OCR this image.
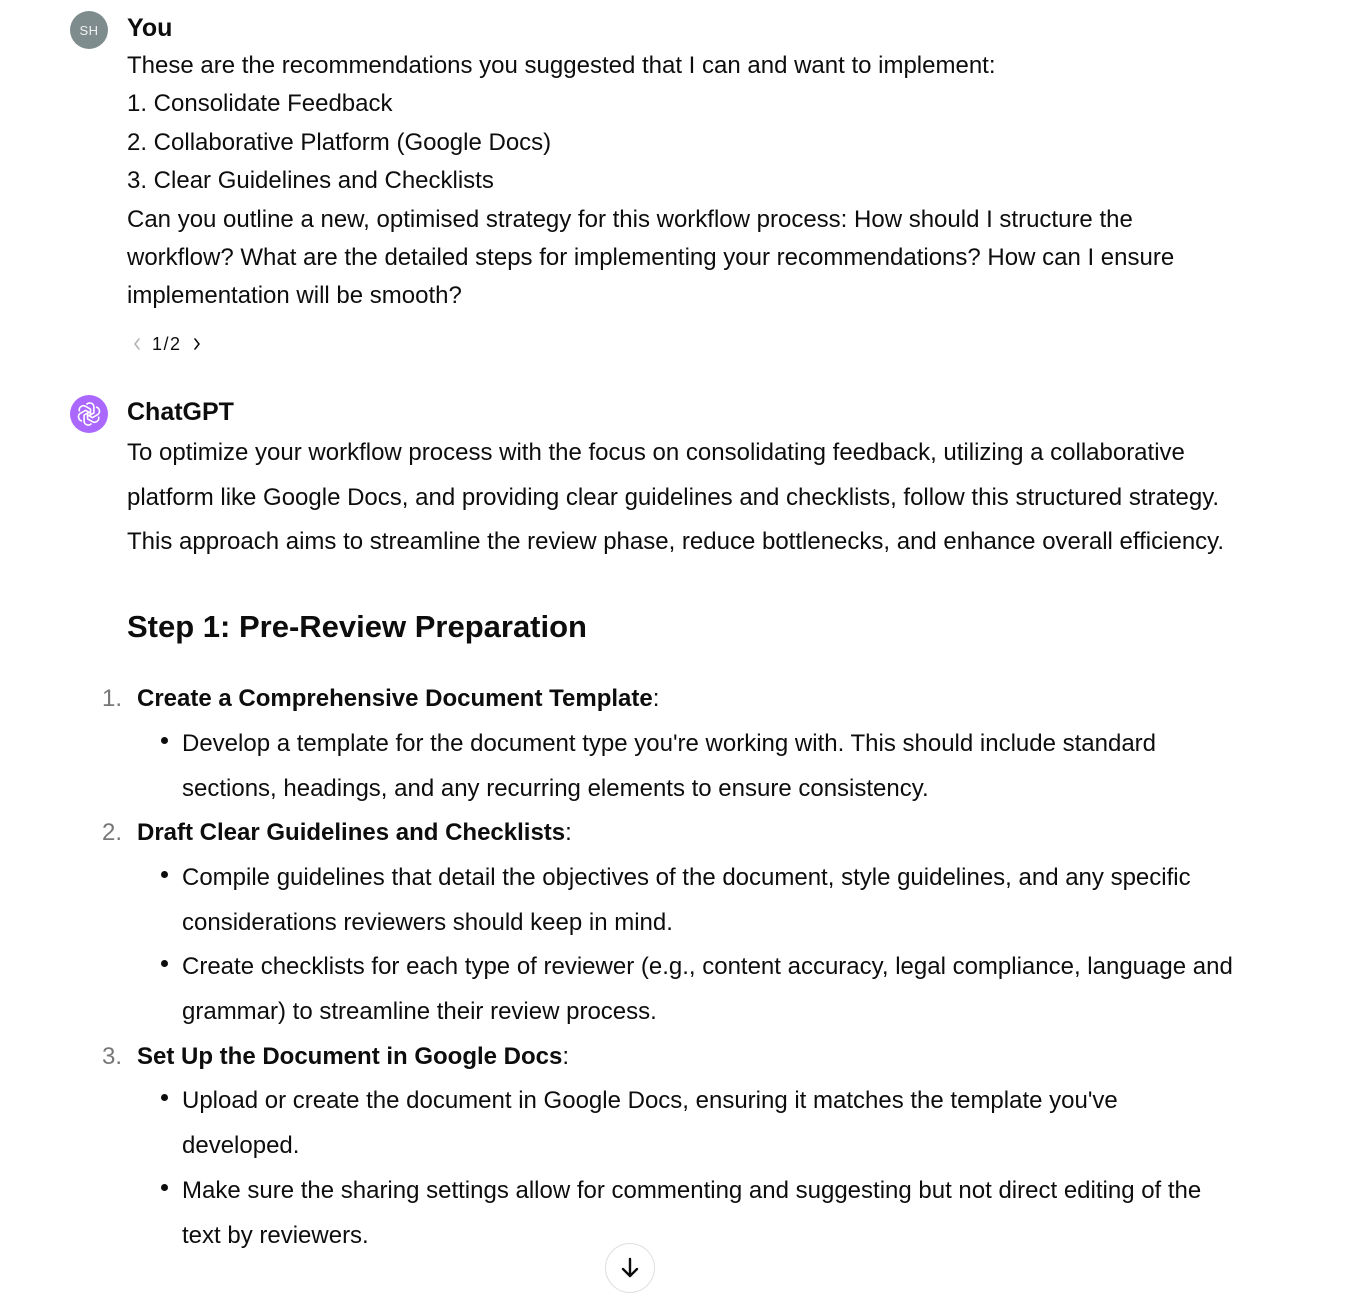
SH You

These are the recommendations you suggested that I can and want to implement:

1. Consolidate Feedback

2. Collaborative Platform (Google Docs)

3. Clear Guidelines and Checklists

Can you outline a new, optimised strategy for this workflow process: How should I structure the workflow? What are the detailed steps for implementing your recommendations? How can I ensure implementation will be smooth?

1/2
ChatGPT

To optimize your workflow process with the focus on consolidating feedback, utilizing a collaborative platform like Google Docs, and providing clear guidelines and checklists, follow this structured strategy. This approach aims to streamline the review phase, reduce bottlenecks, and enhance overall efficiency.

Step 1: Pre-Review Preparation
1. Create a Comprehensive Document Template:
Develop a template for the document type you're working with. This should include standard sections, headings, and any recurring elements to ensure consistency.
2. Draft Clear Guidelines and Checklists:
Compile guidelines that detail the objectives of the document, style guidelines, and any specific considerations reviewers should keep in mind.
Create checklists for each type of reviewer (e.g., content accuracy, legal compliance, language and grammar) to streamline their review process.
3. Set Up the Document in Google Docs:
Upload or create the document in Google Docs, ensuring it matches the template you've developed.
Make sure the sharing settings allow for commenting and suggesting but not direct editing of the text by reviewers.
